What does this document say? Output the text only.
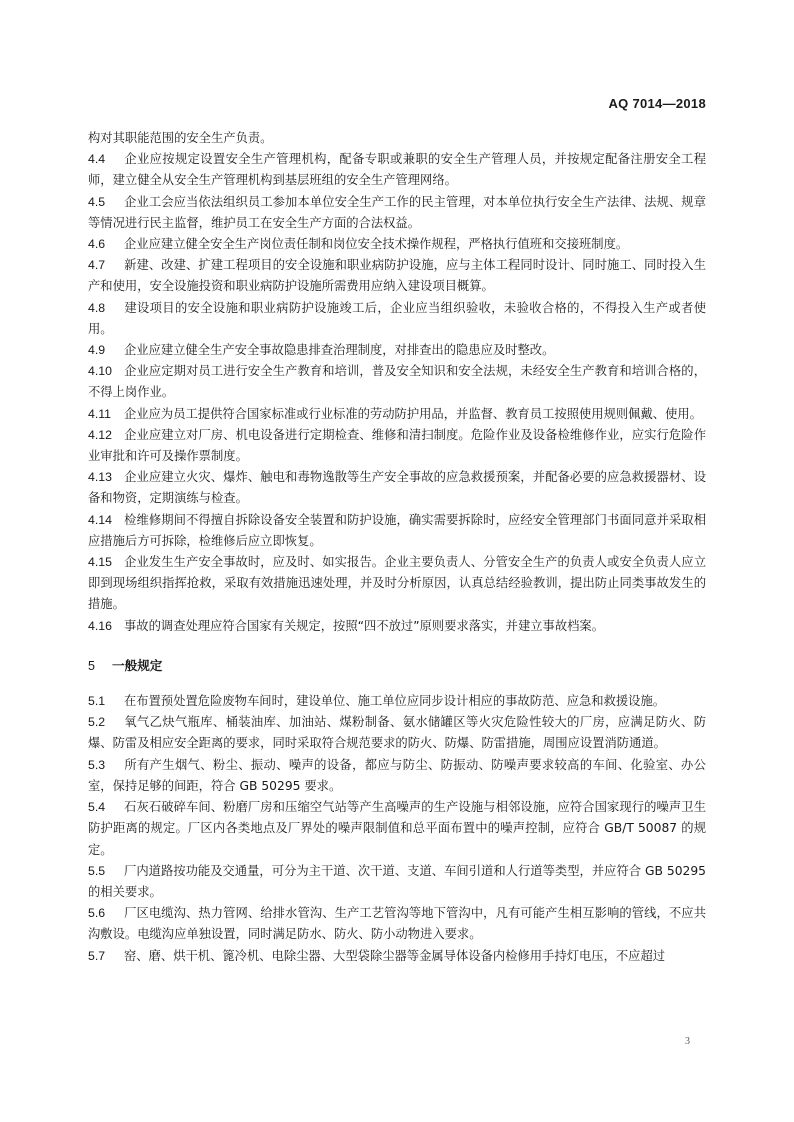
AQ 7014—2018

构对其职能范围的安全生产负责。

4.4 企业应按规定设置安全生产管理机构，配备专职或兼职的安全生产管理人员，并按规定配备注册安全工程师，建立健全从安全生产管理机构到基层班组的安全生产管理网络。

4.5 企业工会应当依法组织员工参加本单位安全生产工作的民主管理，对本单位执行安全生产法律、法规、规章等情况进行民主监督，维护员工在安全生产方面的合法权益。

4.6 企业应建立健全安全生产岗位责任制和岗位安全技术操作规程，严格执行值班和交接班制度。

4.7 新建、改建、扩建工程项目的安全设施和职业病防护设施，应与主体工程同时设计、同时施工、同时投入生产和使用，安全设施投资和职业病防护设施所需费用应纳入建设项目概算。

4.8 建设项目的安全设施和职业病防护设施竣工后，企业应当组织验收，未验收合格的，不得投入生产或者使用。

4.9 企业应建立健全生产安全事故隐患排查治理制度，对排查出的隐患应及时整改。

4.10 企业应定期对员工进行安全生产教育和培训，普及安全知识和安全法规，未经安全生产教育和培训合格的，不得上岗作业。

4.11 企业应为员工提供符合国家标准或行业标准的劳动防护用品，并监督、教育员工按照使用规则佩戴、使用。

4.12 企业应建立对厂房、机电设备进行定期检查、维修和清扫制度。危险作业及设备检维修作业，应实行危险作业审批和许可及操作票制度。

4.13 企业应建立火灾、爆炸、触电和毒物逸散等生产安全事故的应急救援预案，并配备必要的应急救援器材、设备和物资，定期演练与检查。

4.14 检维修期间不得擅自拆除设备安全装置和防护设施，确实需要拆除时，应经安全管理部门书面同意并采取相应措施后方可拆除，检维修后应立即恢复。

4.15 企业发生生产安全事故时，应及时、如实报告。企业主要负责人、分管安全生产的负责人或安全负责人应立即到现场组织指挥抢救，采取有效措施迅速处理，并及时分析原因，认真总结经验教训，提出防止同类事故发生的措施。

4.16 事故的调查处理应符合国家有关规定，按照“四不放过”原则要求落实，并建立事故档案。

5 一般规定

5.1 在布置预处置危险废物车间时，建设单位、施工单位应同步设计相应的事故防范、应急和救援设施。

5.2 氧气乙炔气瓶库、桶装油库、加油站、煤粉制备、氨水储罐区等火灾危险性较大的厂房，应满足防火、防爆、防雷及相应安全距离的要求，同时采取符合规范要求的防火、防爆、防雷措施，周围应设置消防通道。

5.3 所有产生烟气、粉尘、振动、噪声的设备，都应与防尘、防振动、防噪声要求较高的车间、化验室、办公室，保持足够的间距，符合 GB 50295 要求。

5.4 石灰石破碎车间、粉磨厂房和压缩空气站等产生高噪声的生产设施与相邻设施，应符合国家现行的噪声卫生防护距离的规定。厂区内各类地点及厂界处的噪声限制值和总平面布置中的噪声控制，应符合 GB/T 50087 的规定。

5.5 厂内道路按功能及交通量，可分为主干道、次干道、支道、车间引道和人行道等类型，并应符合 GB 50295 的相关要求。

5.6 厂区电缆沟、热力管网、给排水管沟、生产工艺管沟等地下管沟中，凡有可能产生相互影响的管线，不应共沟敷设。电缆沟应单独设置，同时满足防水、防火、防小动物进入要求。

5.7 窑、磨、烘干机、篦冷机、电除尘器、大型袋除尘器等金属导体设备内检修用手持灯电压，不应超过

3
